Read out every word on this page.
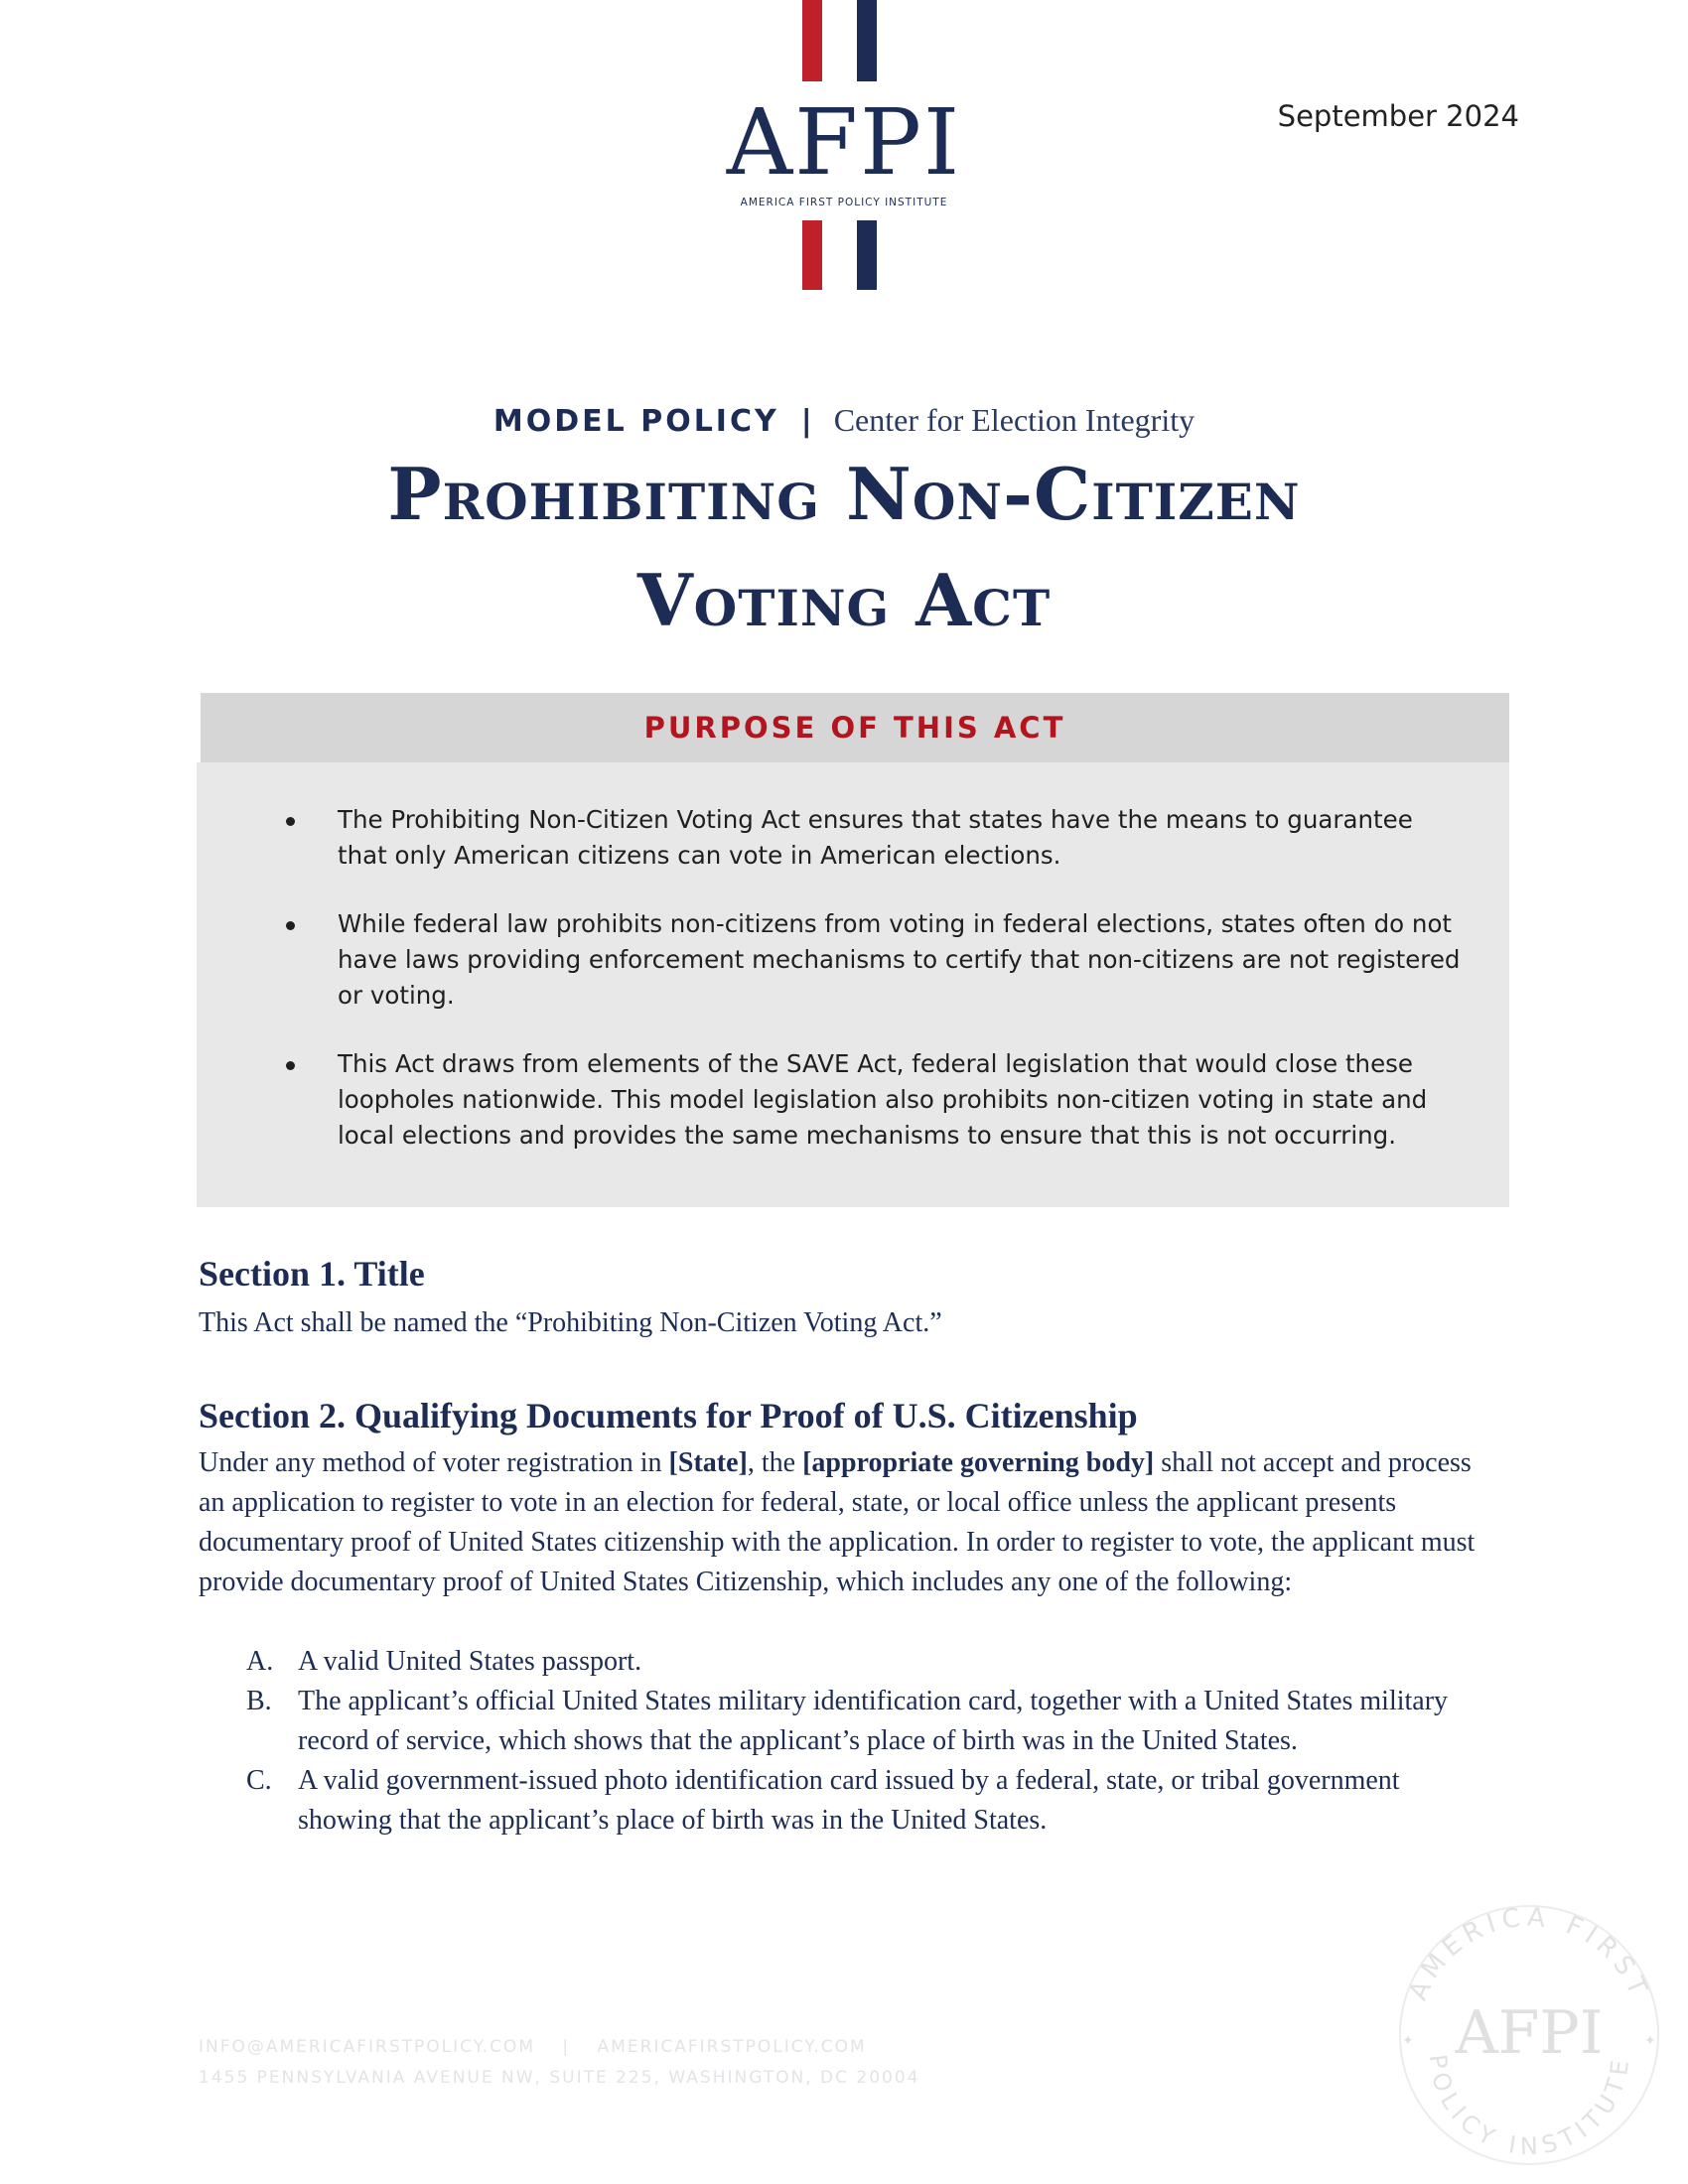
AFPI
AMERICA FIRST POLICY INSTITUTE
September 2024
MODEL POLICY | Center for Election Integrity
Prohibiting Non-Citizen
Voting Act
PURPOSE OF THIS ACT
The Prohibiting Non-Citizen Voting Act ensures that states have the means to guarantee that only American citizens can vote in American elections.
While federal law prohibits non-citizens from voting in federal elections, states often do not have laws providing enforcement mechanisms to certify that non-citizens are not registered or voting.
This Act draws from elements of the SAVE Act, federal legislation that would close these loopholes nationwide. This model legislation also prohibits non-citizen voting in state and local elections and provides the same mechanisms to ensure that this is not occurring.
Section 1. Title
This Act shall be named the “Prohibiting Non-Citizen Voting Act.”
Section 2. Qualifying Documents for Proof of U.S. Citizenship
Under any method of voter registration in [State], the [appropriate governing body] shall not accept and process an application to register to vote in an election for federal, state, or local office unless the applicant presents documentary proof of United States citizenship with the application. In order to register to vote, the applicant must provide documentary proof of United States Citizenship, which includes any one of the following:
A. A valid United States passport.
B. The applicant’s official United States military identification card, together with a United States military record of service, which shows that the applicant’s place of birth was in the United States.
C. A valid government-issued photo identification card issued by a federal, state, or tribal government showing that the applicant’s place of birth was in the United States.
INFO@AMERICAFIRSTPOLICY.COM | AMERICAFIRSTPOLICY.COM
1455 PENNSYLVANIA AVENUE NW, SUITE 225, WASHINGTON, DC 20004
AMERICA FIRST
POLICY INSTITUTE
AFPI
✦	✦
